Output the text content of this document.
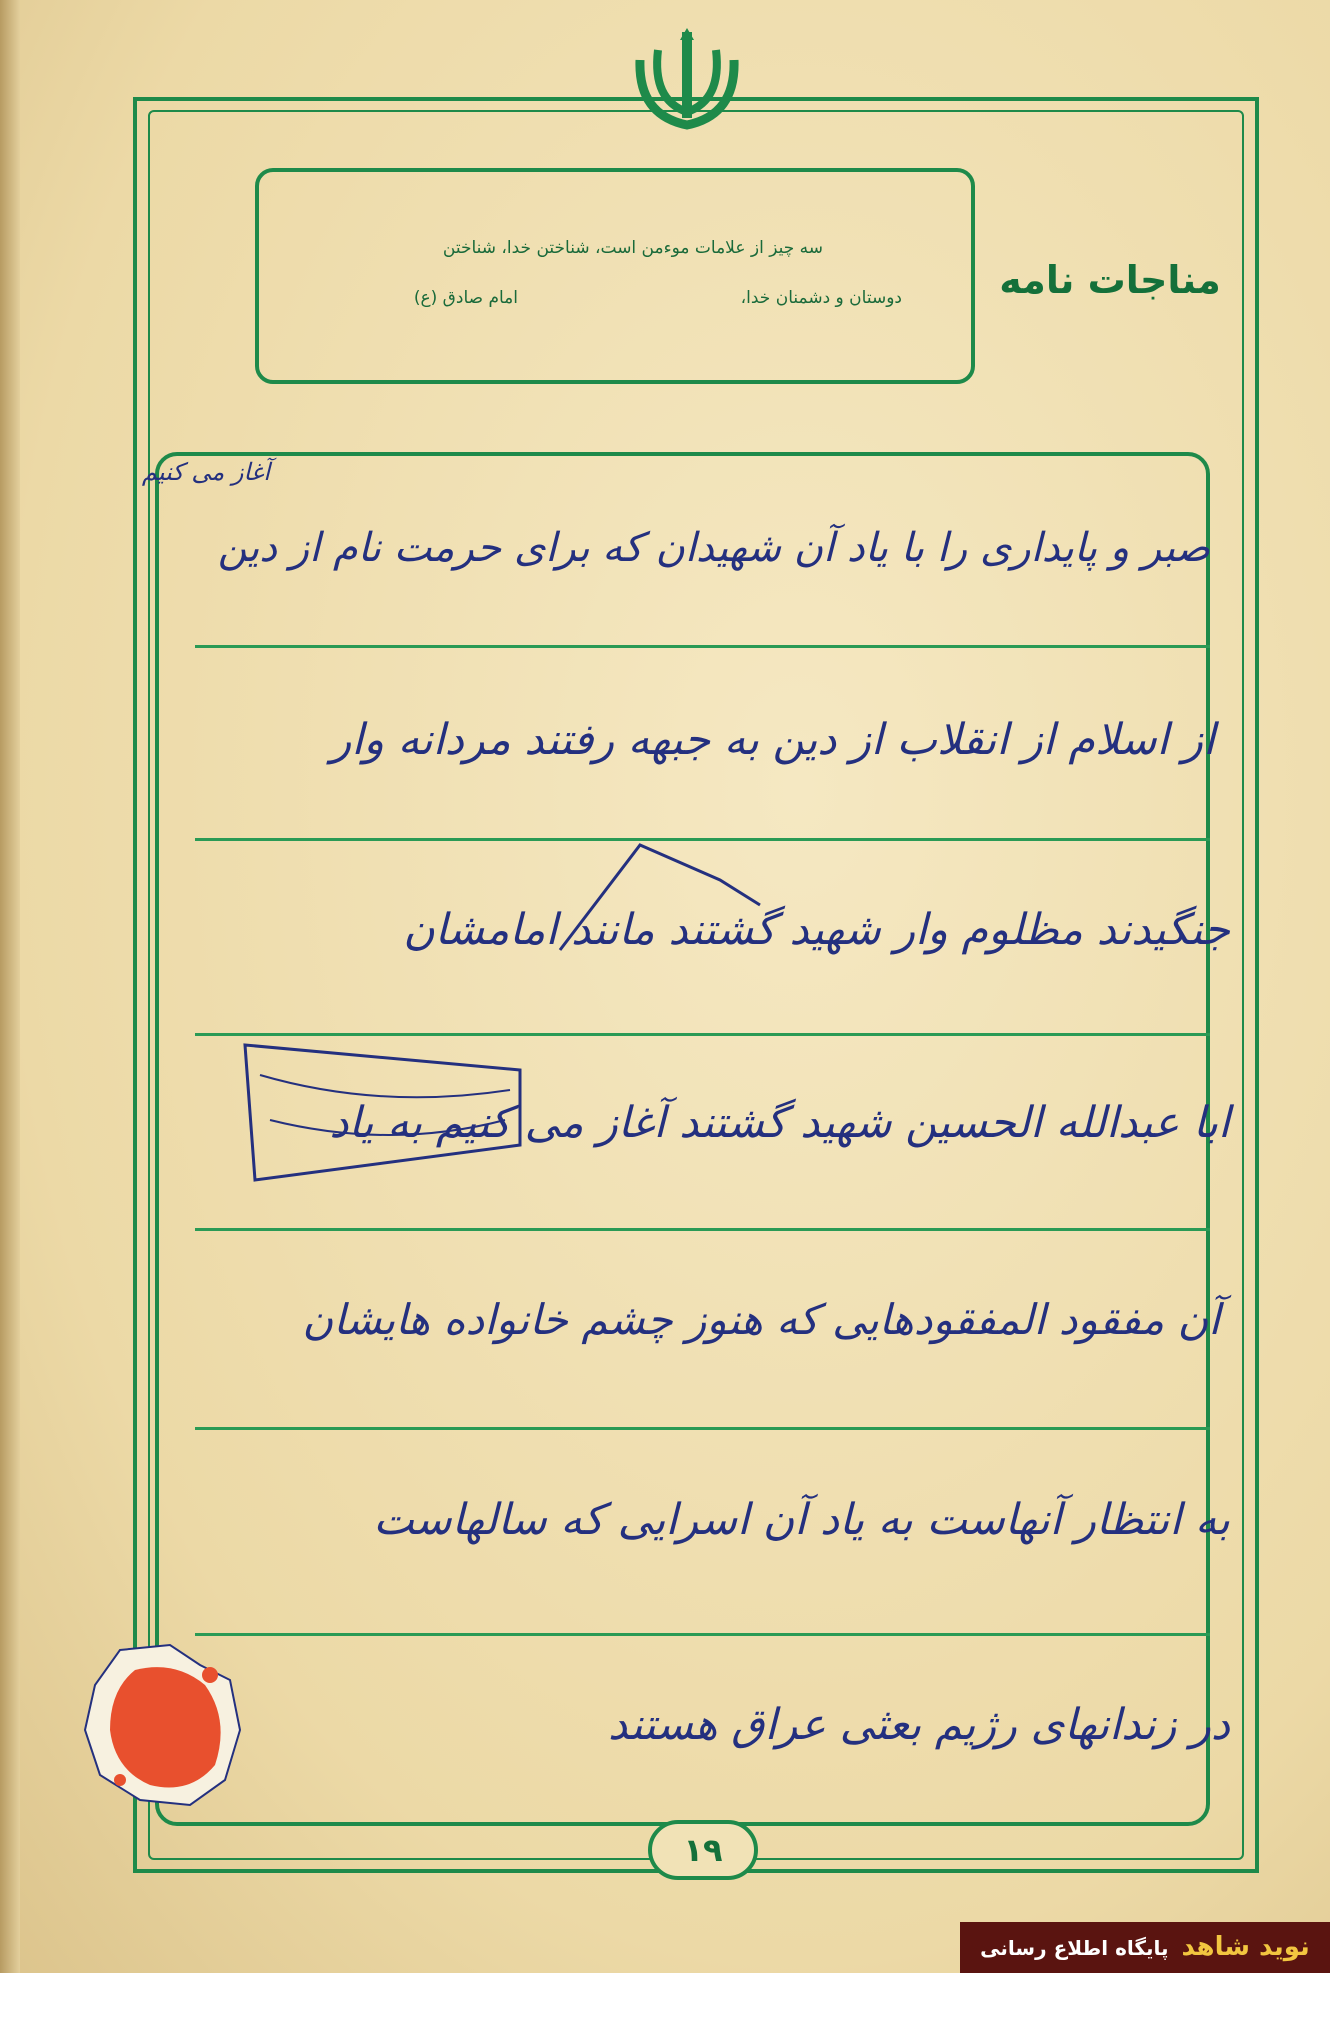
مناجات نامه
سه چیز از علامات موءمن است، شناختن خدا، شناختن
دوستان و دشمنان خدا،
امام صادق (ع)
آغاز می کنیم
صبر و پایداری را با یاد آن شهیدان که برای حرمت نام از دین
از اسلام از انقلاب از دین به جبهه رفتند مردانه وار
جنگیدند مظلوم وار شهید گشتند مانند امامشان
ابا عبدالله الحسین شهید گشتند آغاز می کنیم به یاد
آن مفقود المفقودهایی که هنوز چشم خانواده هایشان
به انتظار آنهاست به یاد آن اسرایی که سالهاست
در زندانهای رژیم بعثی عراق هستند
۱۹
نوید شاهد پایگاه اطلاع رسانی فرهنگ ایثار و شهادت یزد
